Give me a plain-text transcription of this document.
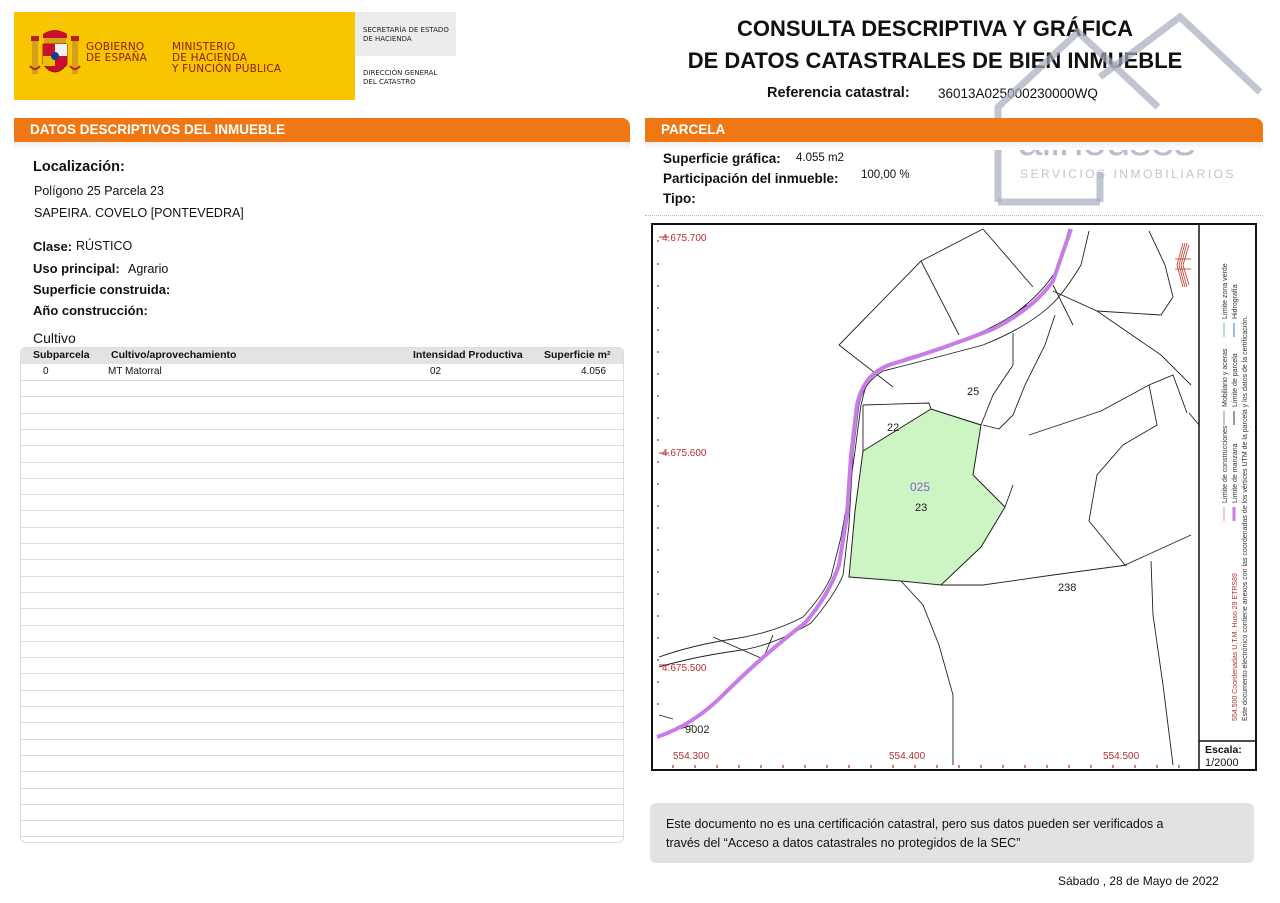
GOBIERNO
DE ESPAÑA
MINISTERIO
DE HACIENDA
Y FUNCIÓN PÚBLICA
SECRETARÍA DE ESTADO
DE HACIENDA
DIRECCIÓN GENERAL
DEL CATASTRO
CONSULTA DESCRIPTIVA Y GRÁFICA
DE DATOS CATASTRALES DE BIEN INMUEBLE
Referencia catastral: 36013A025000230000WQ
SERVICIOS INMOBILIARIOS
DATOS DESCRIPTIVOS DEL INMUEBLE
Localización:
Polígono 25 Parcela 23
SAPEIRA. COVELO [PONTEVEDRA]
Clase: RÚSTICO
Uso principal: Agrario
Superficie construida:
Año construcción:
Cultivo
Subparcela Cultivo/aprovechamiento	Intensidad Productiva Superficie m²
0	MT Matorral	02	4.056
PARCELA
Superficie gráfica: 4.055 m2
Participación del inmueble: 100,00 %
Tipo:
4.675.700
4.675.600
4.675.500
554.300	554.400	554.500
25
22
025
23
238
9002
Este documento electrónico contiene anexos con las coordenadas de los vértices UTM de la parcela y los datos de la certificación.
554.500 Coordenadas U.T.M. Huso 29 ETRS89
Límite de manzana
Límite de parcela
Hidrografía
Límite de construcciones
Mobiliario y aceras
Límite zona verde
Escala:
1/2000
Este documento no es una certificación catastral, pero sus datos pueden ser verificados a
través del “Acceso a datos catastrales no protegidos de la SEC”
Sábado , 28 de Mayo de 2022
